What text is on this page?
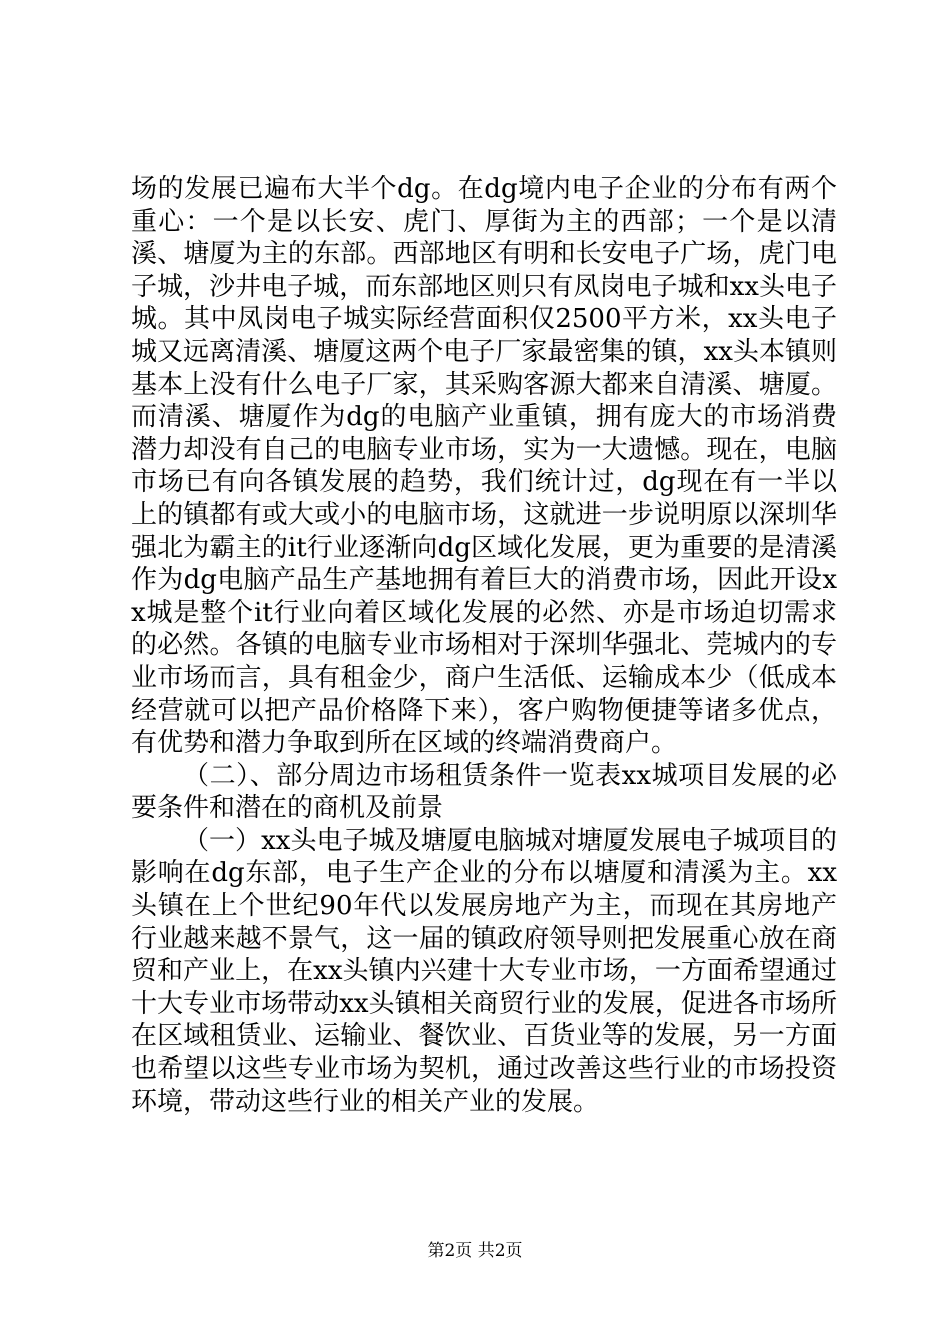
场的发展已遍布大半个dg。在dg境内电子企业的分布有两个重心：一个是以长安、虎门、厚街为主的西部；一个是以清溪、塘厦为主的东部。西部地区有明和长安电子广场，虎门电子城，沙井电子城，而东部地区则只有凤岗电子城和xx头电子城。其中凤岗电子城实际经营面积仅2500平方米，xx头电子城又远离清溪、塘厦这两个电子厂家最密集的镇，xx头本镇则基本上没有什么电子厂家，其采购客源大都来自清溪、塘厦。而清溪、塘厦作为dg的电脑产业重镇，拥有庞大的市场消费潜力却没有自己的电脑专业市场，实为一大遗憾。现在，电脑市场已有向各镇发展的趋势，我们统计过，dg现在有一半以上的镇都有或大或小的电脑市场，这就进一步说明原以深圳华强北为霸主的it行业逐渐向dg区域化发展，更为重要的是清溪作为dg电脑产品生产基地拥有着巨大的消费市场，因此开设xx城是整个it行业向着区域化发展的必然、亦是市场迫切需求的必然。各镇的电脑专业市场相对于深圳华强北、莞城内的专业市场而言，具有租金少，商户生活低、运输成本少（低成本经营就可以把产品价格降下来），客户购物便捷等诸多优点，有优势和潜力争取到所在区域的终端消费商户。

（二）、部分周边市场租赁条件一览表xx城项目发展的必要条件和潜在的商机及前景

（一）xx头电子城及塘厦电脑城对塘厦发展电子城项目的影响在dg东部，电子生产企业的分布以塘厦和清溪为主。xx头镇在上个世纪90年代以发展房地产为主，而现在其房地产行业越来越不景气，这一届的镇政府领导则把发展重心放在商贸和产业上，在xx头镇内兴建十大专业市场，一方面希望通过十大专业市场带动xx头镇相关商贸行业的发展，促进各市场所在区域租赁业、运输业、餐饮业、百货业等的发展，另一方面也希望以这些专业市场为契机，通过改善这些行业的市场投资环境，带动这些行业的相关产业的发展。

第2页 共2页
